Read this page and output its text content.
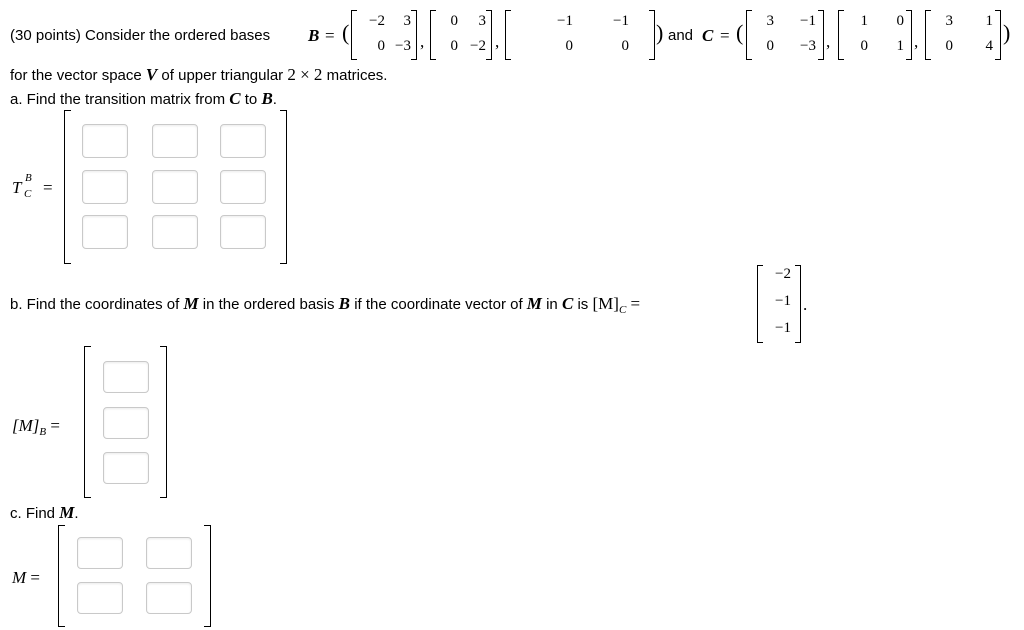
(30 points) Consider the ordered bases B = (	−2	3
0 −3 ,
0	3
0 −2 ,
−1	−1
0	0
) and C = (	3	−1
0	−3 ,
1	0
0	1 ,
3	1
0	4
)
for the vector space V of upper triangular 2 × 2 matrices.
a. Find the transition matrix from C to B.
T B
C =
b. Find the coordinates of M in the ordered basis B if the coordinate vector of M in C is $[M]_C$ =
−2
−1
−1
.
$[M]_B$ =
c. Find M.
M =
